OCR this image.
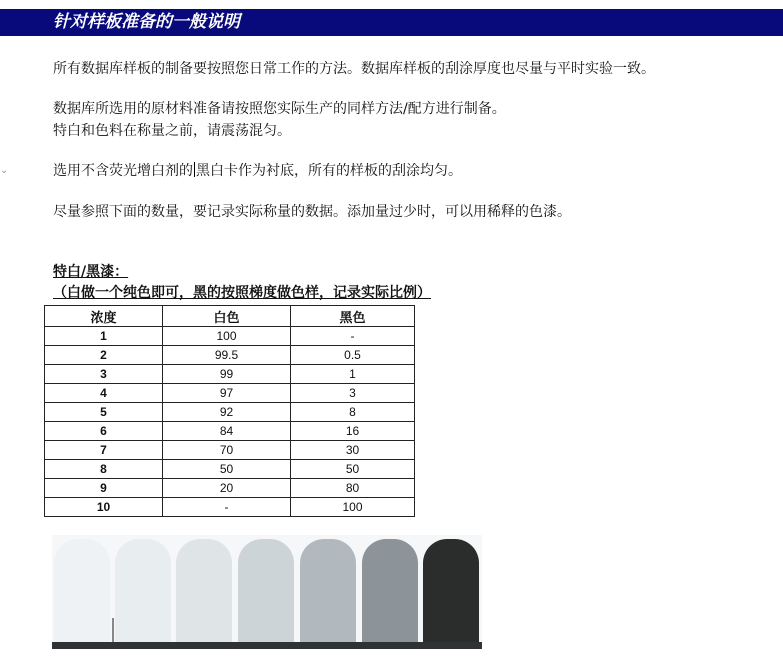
针对样板准备的一般说明
所有数据库样板的制备要按照您日常工作的方法。数据库样板的刮涂厚度也尽量与平时实验一致。
数据库所选用的原材料准备请按照您实际生产的同样方法/配方进行制备。
特白和色料在称量之前，请震荡混匀。
⌄	选用不含荧光增白剂的 黑白卡作为衬底，所有的样板的刮涂均匀。
尽量参照下面的数量，要记录实际称量的数据。添加量过少时，可以用稀释的色漆。
特白/黑漆：
（白做一个纯色即可，黑的按照梯度做色样，记录实际比例）
浓度	白色	黑色
1	100	-
2	99.5	0.5
3	99	1
4	97	3
5	92	8
6	84	16
7	70	30
8	50	50
9	20	80
10	-	100
